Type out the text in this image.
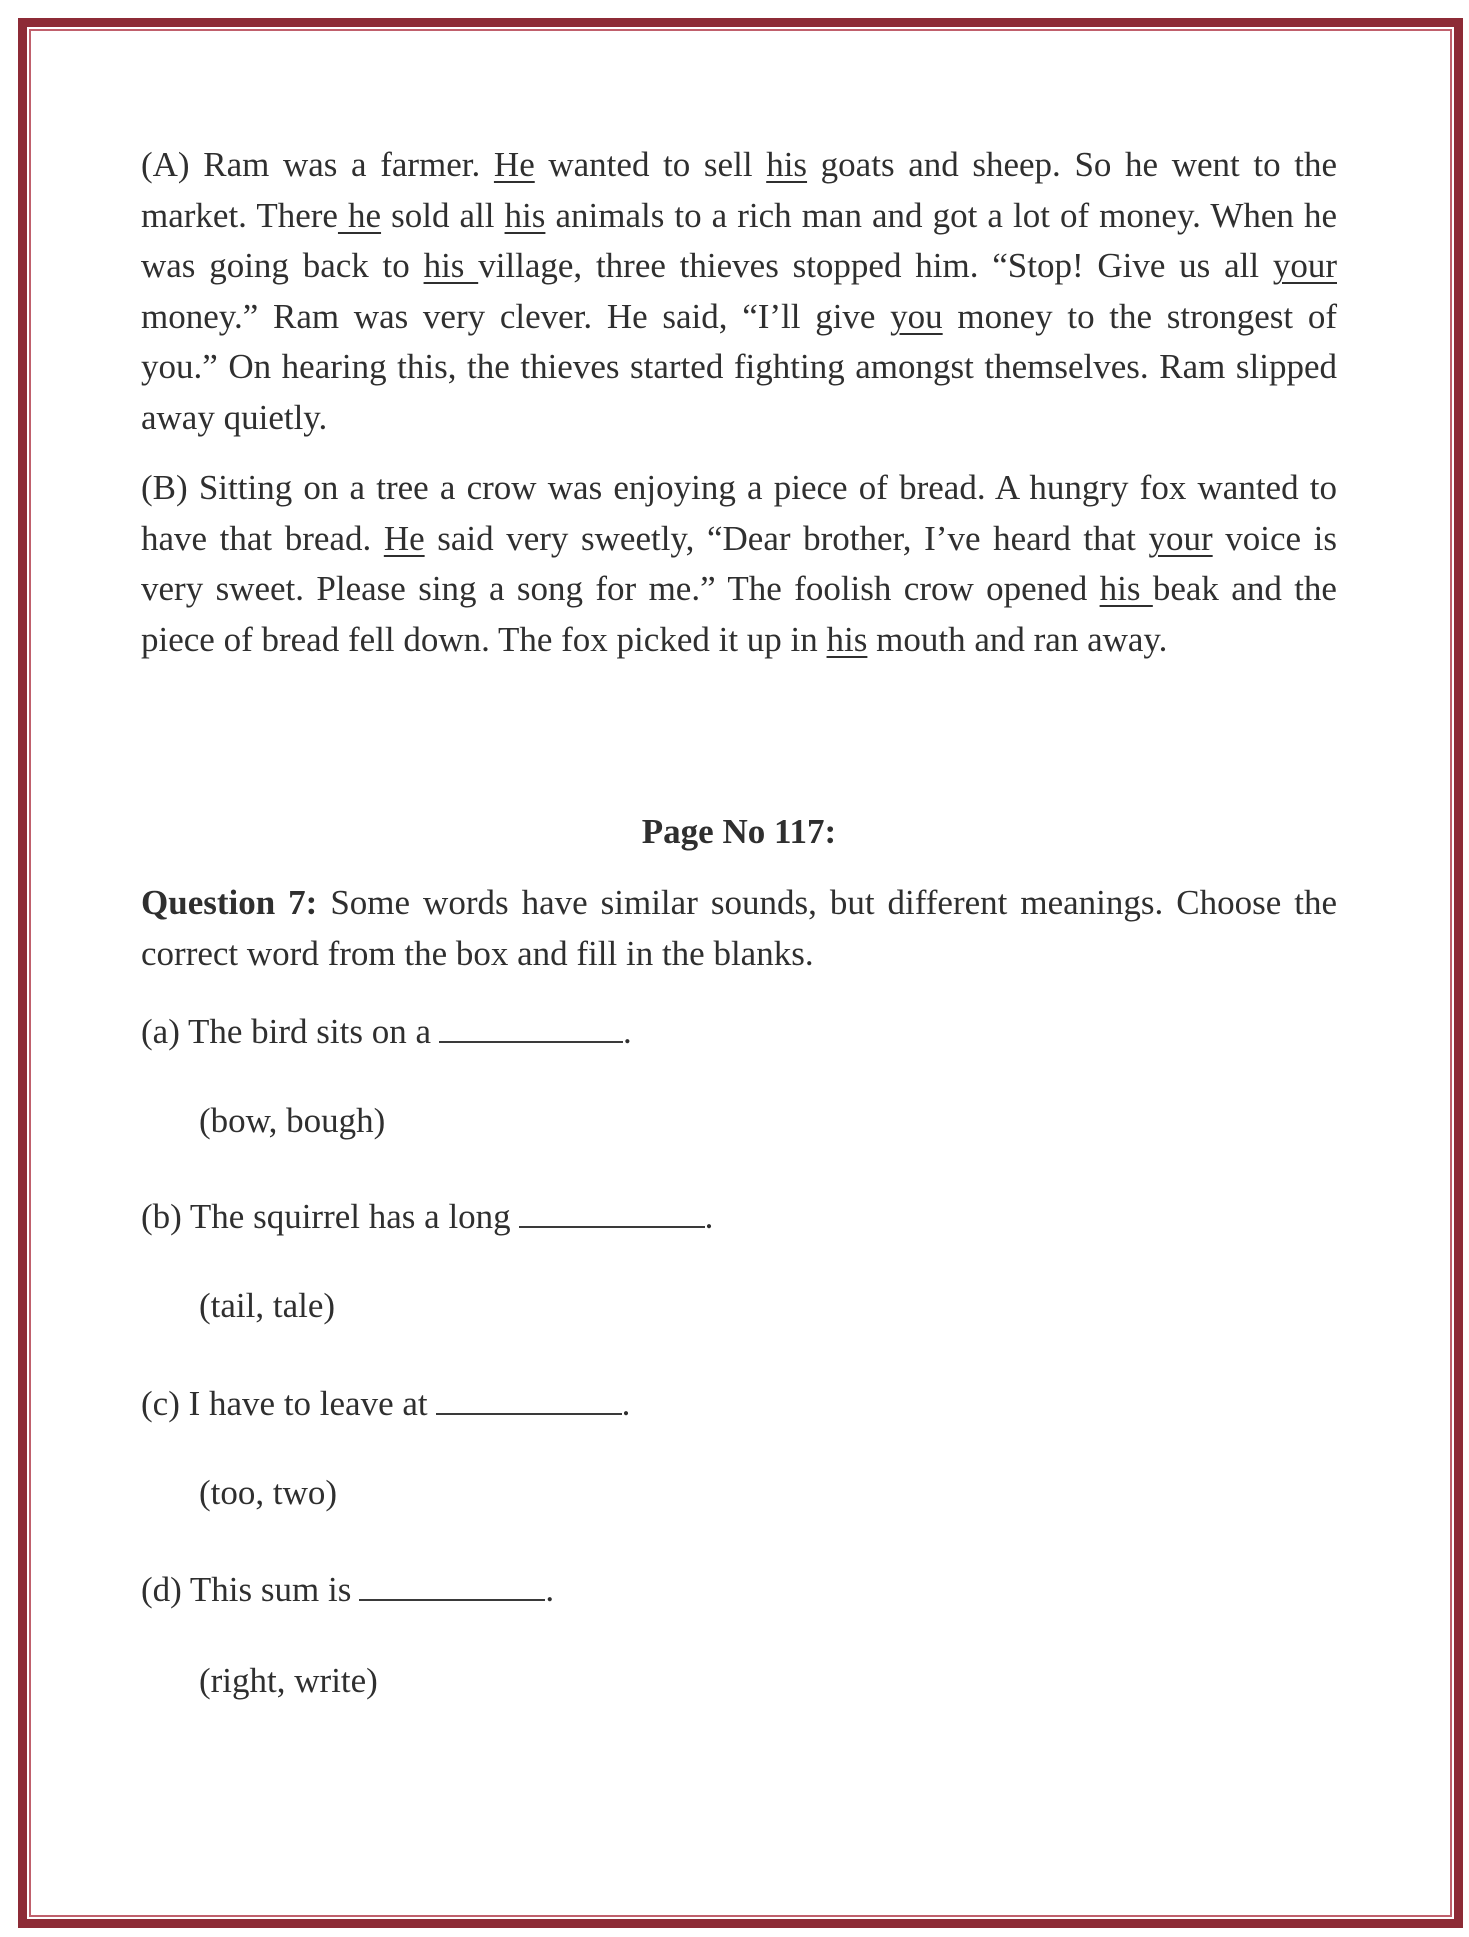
(A) Ram was a farmer. He wanted to sell his goats and sheep. So he went to the market. There he sold all his animals to a rich man and got a lot of money. When he was going back to his village, three thieves stopped him. “Stop! Give us all your money.” Ram was very clever. He said, “I’ll give you money to the strongest of you.” On hearing this, the thieves started fighting amongst themselves. Ram slipped away quietly.

(B) Sitting on a tree a crow was enjoying a piece of bread. A hungry fox wanted to have that bread. He said very sweetly, “Dear brother, I’ve heard that your voice is very sweet. Please sing a song for me.” The foolish crow opened his beak and the piece of bread fell down. The fox picked it up in his mouth and ran away.

Page No 117:

Question 7: Some words have similar sounds, but different meanings. Choose the correct word from the box and fill in the blanks.

(a) The bird sits on a	.

(bow, bough)

(b) The squirrel has a long	.

(tail, tale)

(c) I have to leave at	.

(too, two)

(d) This sum is	.

(right, write)
